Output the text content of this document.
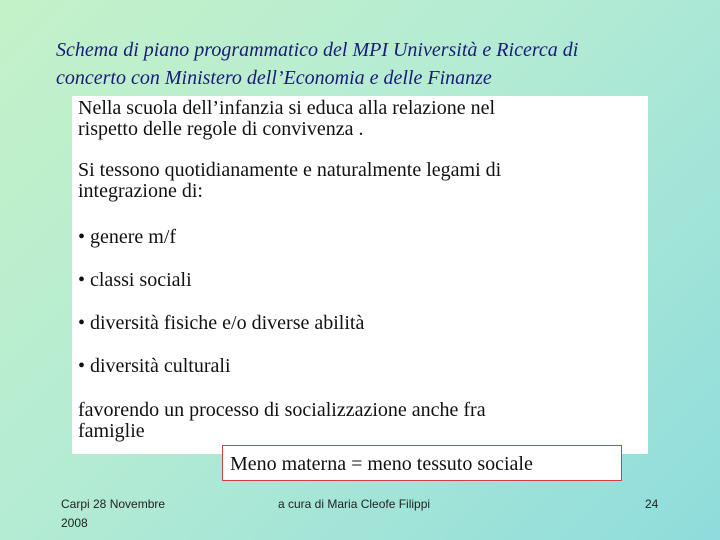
Schema di piano programmatico del MPI Università e Ricerca di
concerto con Ministero dell’Economia e delle Finanze

Nella scuola dell’infanzia si educa alla relazione nel
rispetto delle regole di convivenza .

Si tessono quotidianamente e naturalmente legami di
integrazione di:

• genere m/f

• classi sociali

• diversità fisiche e/o diverse abilità

• diversità culturali

favorendo un processo di socializzazione anche fra
famiglie

Meno materna = meno tessuto sociale
Carpi 28 Novembre
2008
a cura di Maria Cleofe Filippi	24
